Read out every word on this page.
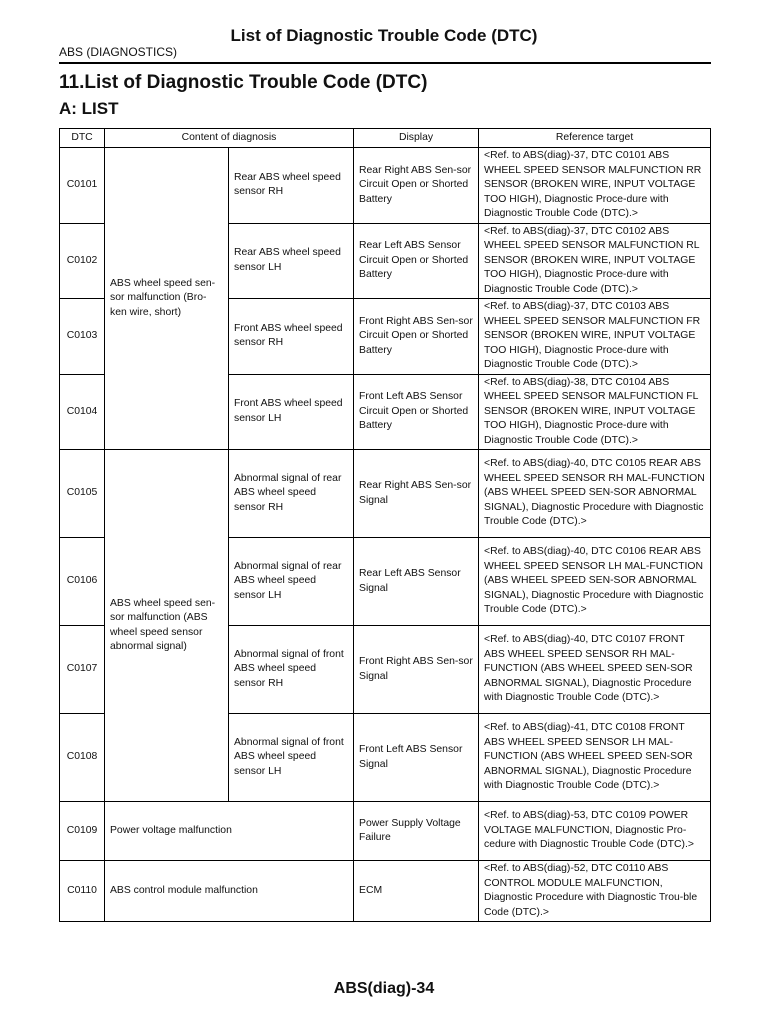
List of Diagnostic Trouble Code (DTC)
ABS (DIAGNOSTICS)
11.List of Diagnostic Trouble Code (DTC)
A: LIST
DTC	Content of diagnosis		Display	Reference target
C0101	ABS wheel speed sen-sor malfunction (Bro-ken wire, short)	Rear ABS wheel speed sensor RH	Rear Right ABS Sen-sor Circuit Open or Shorted Battery	<Ref. to ABS(diag)-37, DTC C0101 ABS WHEEL SPEED SENSOR MALFUNCTION RR SENSOR (BROKEN WIRE, INPUT VOLTAGE TOO HIGH), Diagnostic Proce-dure with Diagnostic Trouble Code (DTC).>
C0102		Rear ABS wheel speed sensor LH	Rear Left ABS Sensor Circuit Open or Shorted Battery	<Ref. to ABS(diag)-37, DTC C0102 ABS WHEEL SPEED SENSOR MALFUNCTION RL SENSOR (BROKEN WIRE, INPUT VOLTAGE TOO HIGH), Diagnostic Proce-dure with Diagnostic Trouble Code (DTC).>
C0103		Front ABS wheel speed sensor RH	Front Right ABS Sen-sor Circuit Open or Shorted Battery	<Ref. to ABS(diag)-37, DTC C0103 ABS WHEEL SPEED SENSOR MALFUNCTION FR SENSOR (BROKEN WIRE, INPUT VOLTAGE TOO HIGH), Diagnostic Proce-dure with Diagnostic Trouble Code (DTC).>
C0104		Front ABS wheel speed sensor LH	Front Left ABS Sensor Circuit Open or Shorted Battery	<Ref. to ABS(diag)-38, DTC C0104 ABS WHEEL SPEED SENSOR MALFUNCTION FL SENSOR (BROKEN WIRE, INPUT VOLTAGE TOO HIGH), Diagnostic Proce-dure with Diagnostic Trouble Code (DTC).>
C0105	ABS wheel speed sen-sor malfunction (ABS wheel speed sensor abnormal signal)	Abnormal signal of rear ABS wheel speed sensor RH	Rear Right ABS Sen-sor Signal	<Ref. to ABS(diag)-40, DTC C0105 REAR ABS WHEEL SPEED SENSOR RH MAL-FUNCTION (ABS WHEEL SPEED SEN-SOR ABNORMAL SIGNAL), Diagnostic Procedure with Diagnostic Trouble Code (DTC).>
C0106		Abnormal signal of rear ABS wheel speed sensor LH	Rear Left ABS Sensor Signal	<Ref. to ABS(diag)-40, DTC C0106 REAR ABS WHEEL SPEED SENSOR LH MAL-FUNCTION (ABS WHEEL SPEED SEN-SOR ABNORMAL SIGNAL), Diagnostic Procedure with Diagnostic Trouble Code (DTC).>
C0107		Abnormal signal of front ABS wheel speed sensor RH	Front Right ABS Sen-sor Signal	<Ref. to ABS(diag)-40, DTC C0107 FRONT ABS WHEEL SPEED SENSOR RH MAL-FUNCTION (ABS WHEEL SPEED SEN-SOR ABNORMAL SIGNAL), Diagnostic Procedure with Diagnostic Trouble Code (DTC).>
C0108		Abnormal signal of front ABS wheel speed sensor LH	Front Left ABS Sensor Signal	<Ref. to ABS(diag)-41, DTC C0108 FRONT ABS WHEEL SPEED SENSOR LH MAL-FUNCTION (ABS WHEEL SPEED SEN-SOR ABNORMAL SIGNAL), Diagnostic Procedure with Diagnostic Trouble Code (DTC).>
C0109	Power voltage malfunction		Power Supply Voltage Failure	<Ref. to ABS(diag)-53, DTC C0109 POWER VOLTAGE MALFUNCTION, Diagnostic Pro-cedure with Diagnostic Trouble Code (DTC).>
C0110	ABS control module malfunction		ECM	<Ref. to ABS(diag)-52, DTC C0110 ABS CONTROL MODULE MALFUNCTION, Diagnostic Procedure with Diagnostic Trou-ble Code (DTC).>
ABS(diag)-34
